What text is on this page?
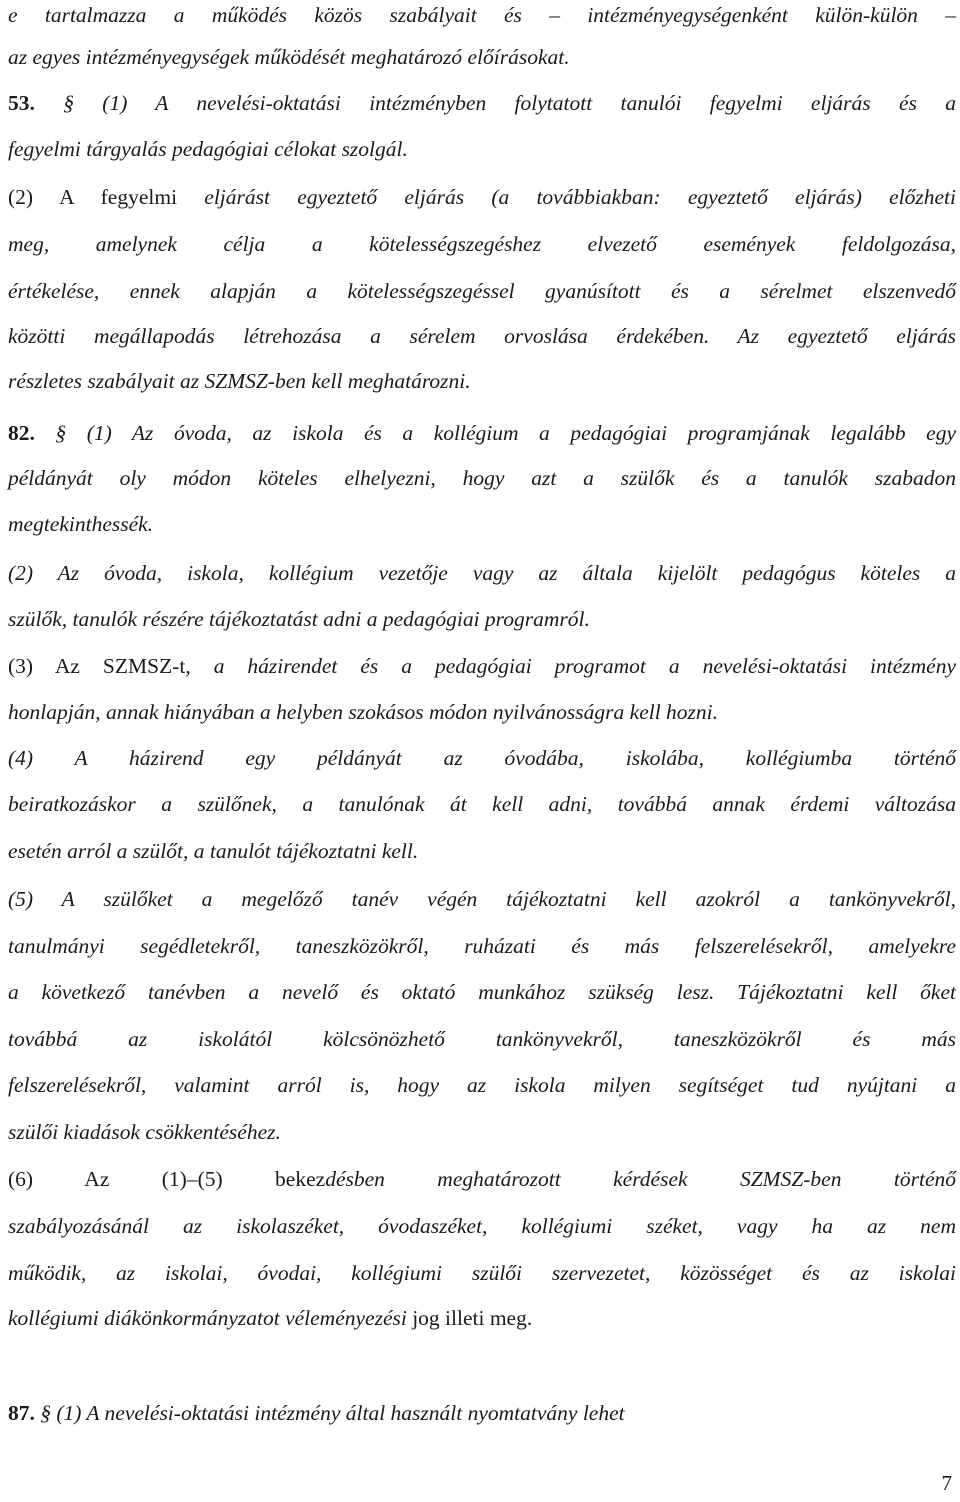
e tartalmazza a működés közös szabályait és – intézményegységenként külön-külön –
az egyes intézményegységek működését meghatározó előírásokat.
53. § (1) A nevelési-oktatási intézményben folytatott tanulói fegyelmi eljárás és a
fegyelmi tárgyalás pedagógiai célokat szolgál.
(2) A fegyelmi eljárást egyeztető eljárás (a továbbiakban: egyeztető eljárás) előzheti
meg, amelynek célja a kötelességszegéshez elvezető események feldolgozása,
értékelése, ennek alapján a kötelességszegéssel gyanúsított és a sérelmet elszenvedő
közötti megállapodás létrehozása a sérelem orvoslása érdekében. Az egyeztető eljárás
részletes szabályait az SZMSZ-ben kell meghatározni.
82. § (1) Az óvoda, az iskola és a kollégium a pedagógiai programjának legalább egy
példányát oly módon köteles elhelyezni, hogy azt a szülők és a tanulók szabadon
megtekinthessék.
(2) Az óvoda, iskola, kollégium vezetője vagy az általa kijelölt pedagógus köteles a
szülők, tanulók részére tájékoztatást adni a pedagógiai programról.
(3) Az SZMSZ-t, a házirendet és a pedagógiai programot a nevelési-oktatási intézmény
honlapján, annak hiányában a helyben szokásos módon nyilvánosságra kell hozni.
(4) A házirend egy példányát az óvodába, iskolába, kollégiumba történő
beiratkozáskor a szülőnek, a tanulónak át kell adni, továbbá annak érdemi változása
esetén arról a szülőt, a tanulót tájékoztatni kell.
(5) A szülőket a megelőző tanév végén tájékoztatni kell azokról a tankönyvekről,
tanulmányi segédletekről, taneszközökről, ruházati és más felszerelésekről, amelyekre
a következő tanévben a nevelő és oktató munkához szükség lesz. Tájékoztatni kell őket
továbbá az iskolától kölcsönözhető tankönyvekről, taneszközökről és más
felszerelésekről, valamint arról is, hogy az iskola milyen segítséget tud nyújtani a
szülői kiadások csökkentéséhez.
(6) Az (1)–(5) bekezdésben meghatározott kérdések SZMSZ-ben történő
szabályozásánál az iskolaszéket, óvodaszéket, kollégiumi széket, vagy ha az nem
működik, az iskolai, óvodai, kollégiumi szülői szervezetet, közösséget és az iskolai
kollégiumi diákönkormányzatot véleményezési jog illeti meg.
87. § (1) A nevelési-oktatási intézmény által használt nyomtatvány lehet
7
